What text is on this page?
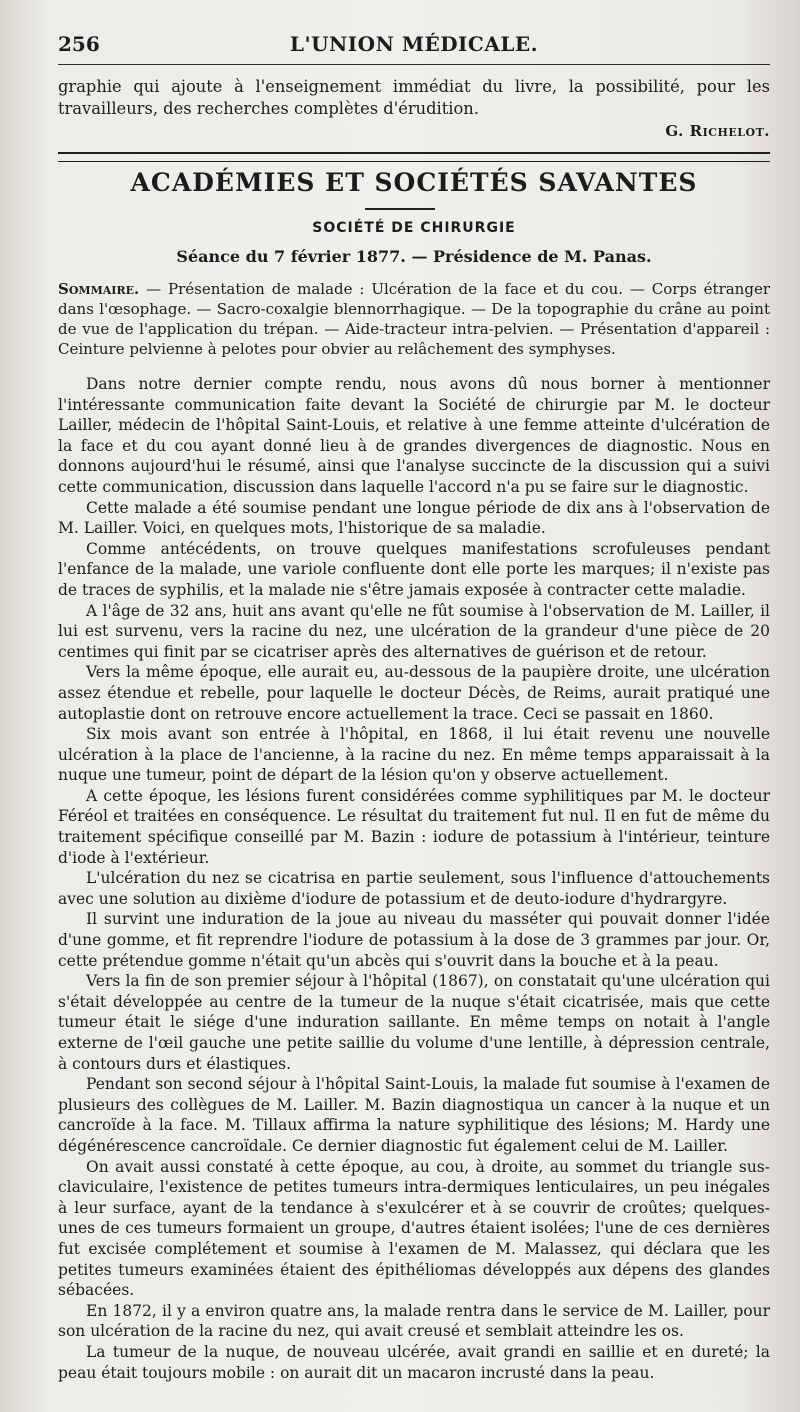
256	L'UNION MÉDICALE.

graphie qui ajoute à l'enseignement immédiat du livre, la possibilité, pour les travailleurs, des recherches complètes d'érudition.

G. Richelot.
ACADÉMIES ET SOCIÉTÉS SAVANTES
SOCIÉTÉ DE CHIRURGIE
Séance du 7 février 1877. — Présidence de M. Panas.
Sommaire. — Présentation de malade : Ulcération de la face et du cou. — Corps étranger dans l'œsophage. — Sacro-coxalgie blennorrhagique. — De la topographie du crâne au point de vue de l'application du trépan. — Aide-tracteur intra-pelvien. — Présentation d'appareil : Ceinture pelvienne à pelotes pour obvier au relâchement des symphyses.

Dans notre dernier compte rendu, nous avons dû nous borner à mentionner l'intéressante communication faite devant la Société de chirurgie par M. le docteur Lailler, médecin de l'hôpital Saint-Louis, et relative à une femme atteinte d'ulcération de la face et du cou ayant donné lieu à de grandes divergences de diagnostic. Nous en donnons aujourd'hui le résumé, ainsi que l'analyse succincte de la discussion qui a suivi cette communication, discussion dans laquelle l'accord n'a pu se faire sur le diagnostic.

Cette malade a été soumise pendant une longue période de dix ans à l'observation de M. Lailler. Voici, en quelques mots, l'historique de sa maladie.

Comme antécédents, on trouve quelques manifestations scrofuleuses pendant l'enfance de la malade, une variole confluente dont elle porte les marques; il n'existe pas de traces de syphilis, et la malade nie s'être jamais exposée à contracter cette maladie.

A l'âge de 32 ans, huit ans avant qu'elle ne fût soumise à l'observation de M. Lailler, il lui est survenu, vers la racine du nez, une ulcération de la grandeur d'une pièce de 20 centimes qui finit par se cicatriser après des alternatives de guérison et de retour.

Vers la même époque, elle aurait eu, au-dessous de la paupière droite, une ulcération assez étendue et rebelle, pour laquelle le docteur Décès, de Reims, aurait pratiqué une autoplastie dont on retrouve encore actuellement la trace. Ceci se passait en 1860.

Six mois avant son entrée à l'hôpital, en 1868, il lui était revenu une nouvelle ulcération à la place de l'ancienne, à la racine du nez. En même temps apparaissait à la nuque une tumeur, point de départ de la lésion qu'on y observe actuellement.

A cette époque, les lésions furent considérées comme syphilitiques par M. le docteur Féréol et traitées en conséquence. Le résultat du traitement fut nul. Il en fut de même du traitement spécifique conseillé par M. Bazin : iodure de potassium à l'intérieur, teinture d'iode à l'extérieur.

L'ulcération du nez se cicatrisa en partie seulement, sous l'influence d'attouchements avec une solution au dixième d'iodure de potassium et de deuto-iodure d'hydrargyre.

Il survint une induration de la joue au niveau du masséter qui pouvait donner l'idée d'une gomme, et fit reprendre l'iodure de potassium à la dose de 3 grammes par jour. Or, cette prétendue gomme n'était qu'un abcès qui s'ouvrit dans la bouche et à la peau.

Vers la fin de son premier séjour à l'hôpital (1867), on constatait qu'une ulcération qui s'était développée au centre de la tumeur de la nuque s'était cicatrisée, mais que cette tumeur était le siége d'une induration saillante. En même temps on notait à l'angle externe de l'œil gauche une petite saillie du volume d'une lentille, à dépression centrale, à contours durs et élastiques.

Pendant son second séjour à l'hôpital Saint-Louis, la malade fut soumise à l'examen de plusieurs des collègues de M. Lailler. M. Bazin diagnostiqua un cancer à la nuque et un cancroïde à la face. M. Tillaux affirma la nature syphilitique des lésions; M. Hardy une dégénérescence cancroïdale. Ce dernier diagnostic fut également celui de M. Lailler.

On avait aussi constaté à cette époque, au cou, à droite, au sommet du triangle sus-claviculaire, l'existence de petites tumeurs intra-dermiques lenticulaires, un peu inégales à leur surface, ayant de la tendance à s'exulcérer et à se couvrir de croûtes; quelques-unes de ces tumeurs formaient un groupe, d'autres étaient isolées; l'une de ces dernières fut excisée complétement et soumise à l'examen de M. Malassez, qui déclara que les petites tumeurs examinées étaient des épithéliomas développés aux dépens des glandes sébacées.

En 1872, il y a environ quatre ans, la malade rentra dans le service de M. Lailler, pour son ulcération de la racine du nez, qui avait creusé et semblait atteindre les os.

La tumeur de la nuque, de nouveau ulcérée, avait grandi en saillie et en dureté; la peau était toujours mobile : on aurait dit un macaron incrusté dans la peau.
